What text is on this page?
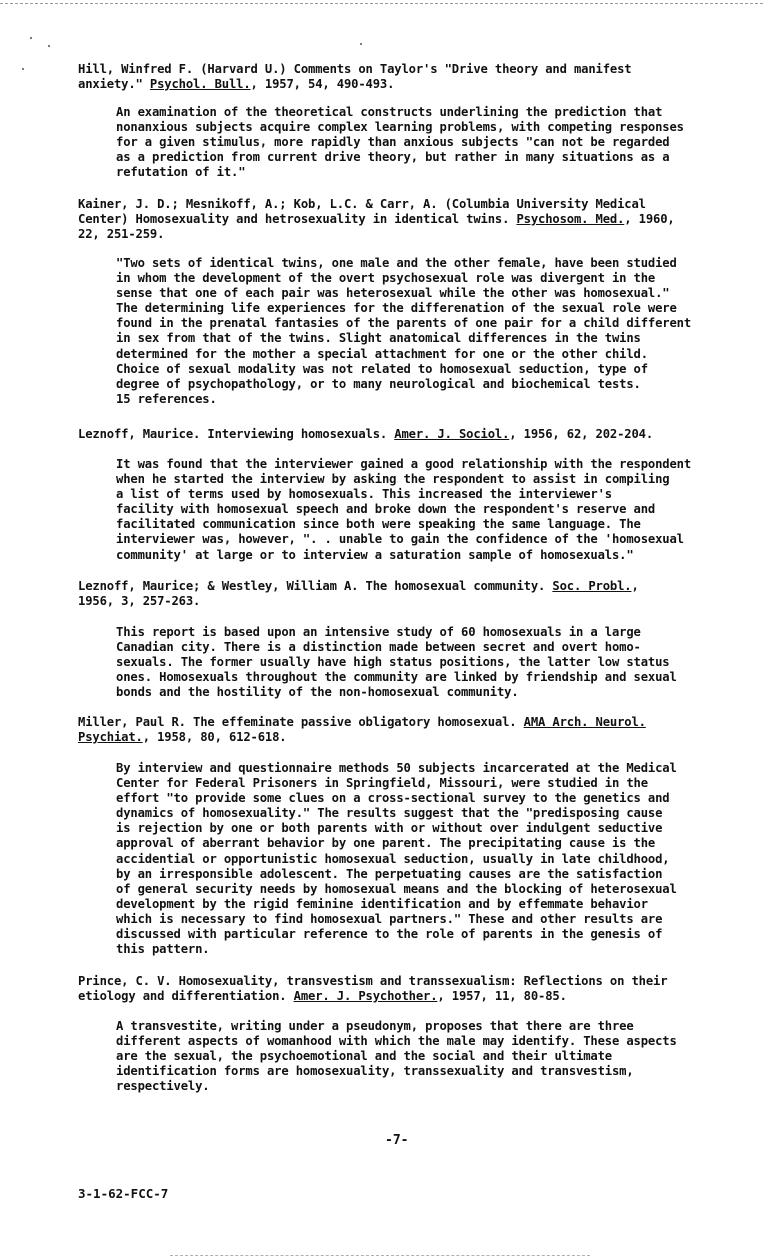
Hill, Winfred F. (Harvard U.) Comments on Taylor's "Drive theory and manifest
anxiety." Psychol. Bull., 1957, 54, 490-493.

An examination of the theoretical constructs underlining the prediction that
nonanxious subjects acquire complex learning problems, with competing responses
for a given stimulus, more rapidly than anxious subjects "can not be regarded
as a prediction from current drive theory, but rather in many situations as a
refutation of it."

Kainer, J. D.; Mesnikoff, A.; Kob, L.C. & Carr, A. (Columbia University Medical
Center) Homosexuality and hetrosexuality in identical twins. Psychosom. Med., 1960,
22, 251-259.

"Two sets of identical twins, one male and the other female, have been studied
in whom the development of the overt psychosexual role was divergent in the
sense that one of each pair was heterosexual while the other was homosexual."
The determining life experiences for the differenation of the sexual role were
found in the prenatal fantasies of the parents of one pair for a child different
in sex from that of the twins. Slight anatomical differences in the twins
determined for the mother a special attachment for one or the other child.
Choice of sexual modality was not related to homosexual seduction, type of
degree of psychopathology, or to many neurological and biochemical tests.
15 references.

Leznoff, Maurice. Interviewing homosexuals. Amer. J. Sociol., 1956, 62, 202-204.

It was found that the interviewer gained a good relationship with the respondent
when he started the interview by asking the respondent to assist in compiling
a list of terms used by homosexuals. This increased the interviewer's
facility with homosexual speech and broke down the respondent's reserve and
facilitated communication since both were speaking the same language. The
interviewer was, however, ". . unable to gain the confidence of the 'homosexual
community' at large or to interview a saturation sample of homosexuals."

Leznoff, Maurice; & Westley, William A. The homosexual community. Soc. Probl.,
1956, 3, 257-263.

This report is based upon an intensive study of 60 homosexuals in a large
Canadian city. There is a distinction made between secret and overt homo-
sexuals. The former usually have high status positions, the latter low status
ones. Homosexuals throughout the community are linked by friendship and sexual
bonds and the hostility of the non-homosexual community.

Miller, Paul R. The effeminate passive obligatory homosexual. AMA Arch. Neurol.
Psychiat., 1958, 80, 612-618.

By interview and questionnaire methods 50 subjects incarcerated at the Medical
Center for Federal Prisoners in Springfield, Missouri, were studied in the
effort "to provide some clues on a cross-sectional survey to the genetics and
dynamics of homosexuality." The results suggest that the "predisposing cause
is rejection by one or both parents with or without over indulgent seductive
approval of aberrant behavior by one parent. The precipitating cause is the
accidential or opportunistic homosexual seduction, usually in late childhood,
by an irresponsible adolescent. The perpetuating causes are the satisfaction
of general security needs by homosexual means and the blocking of heterosexual
development by the rigid feminine identification and by effemmate behavior
which is necessary to find homosexual partners." These and other results are
discussed with particular reference to the role of parents in the genesis of
this pattern.

Prince, C. V. Homosexuality, transvestism and transsexualism: Reflections on their
etiology and differentiation. Amer. J. Psychother., 1957, 11, 80-85.

A transvestite, writing under a pseudonym, proposes that there are three
different aspects of womanhood with which the male may identify. These aspects
are the sexual, the psychoemotional and the social and their ultimate
identification forms are homosexuality, transsexuality and transvestism,
respectively.

-7-
3-1-62-FCC-7
